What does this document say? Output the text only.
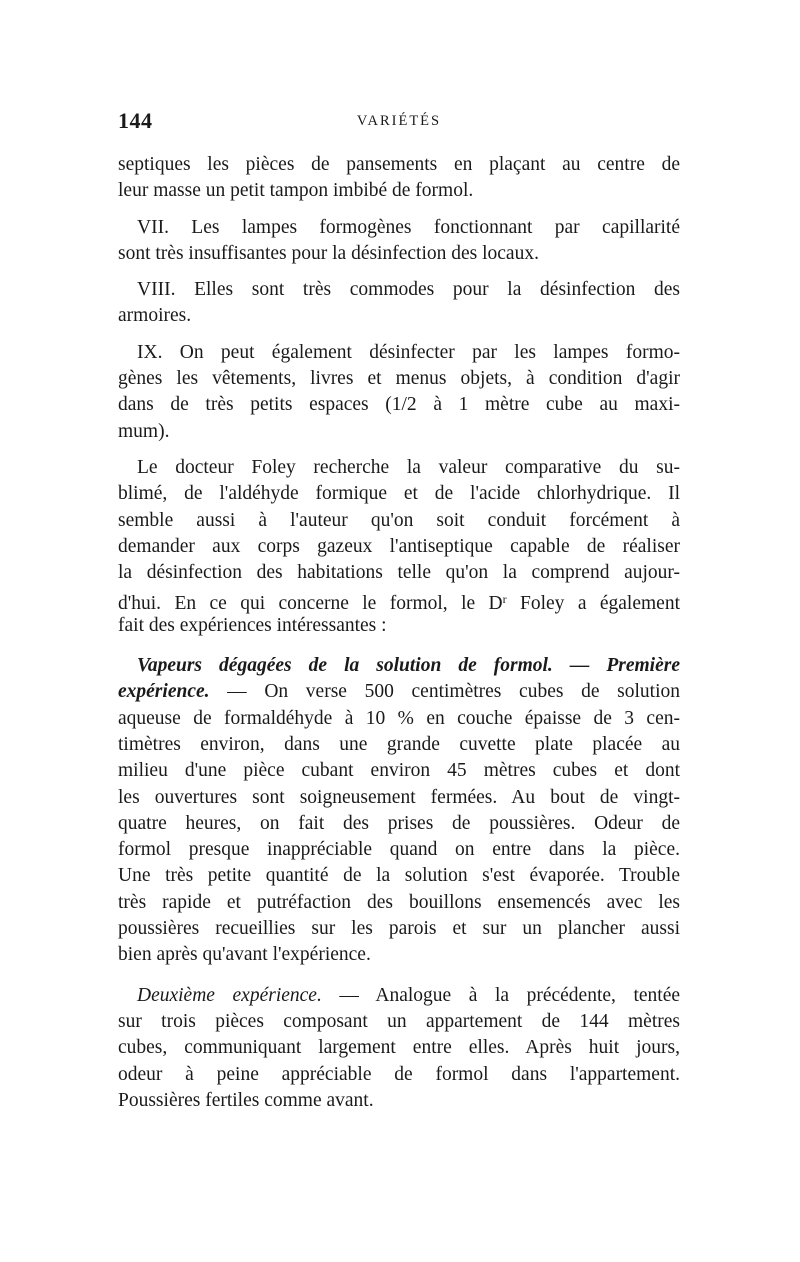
144	VARIÉTÉS
septiques les pièces de pansements en plaçant au centre de
leur masse un petit tampon imbibé de formol.
VII. Les lampes formogènes fonctionnant par capillarité
sont très insuffisantes pour la désinfection des locaux.
VIII. Elles sont très commodes pour la désinfection des
armoires.
IX. On peut également désinfecter par les lampes formo-
gènes les vêtements, livres et menus objets, à condition d'agir
dans de très petits espaces (1/2 à 1 mètre cube au maxi-
mum).
Le docteur Foley recherche la valeur comparative du su-
blimé, de l'aldéhyde formique et de l'acide chlorhydrique. Il
semble aussi à l'auteur qu'on soit conduit forcément à
demander aux corps gazeux l'antiseptique capable de réaliser
la désinfection des habitations telle qu'on la comprend aujour-
d'hui. En ce qui concerne le formol, le $D^r$ Foley a également
fait des expériences intéressantes :
Vapeurs dégagées de la solution de formol. — Première
expérience. — On verse 500 centimètres cubes de solution
aqueuse de formaldéhyde à 10 % en couche épaisse de 3 cen-
timètres environ, dans une grande cuvette plate placée au
milieu d'une pièce cubant environ 45 mètres cubes et dont
les ouvertures sont soigneusement fermées. Au bout de vingt-
quatre heures, on fait des prises de poussières. Odeur de
formol presque inappréciable quand on entre dans la pièce.
Une très petite quantité de la solution s'est évaporée. Trouble
très rapide et putréfaction des bouillons ensemencés avec les
poussières recueillies sur les parois et sur un plancher aussi
bien après qu'avant l'expérience.
Deuxième expérience. — Analogue à la précédente, tentée
sur trois pièces composant un appartement de 144 mètres
cubes, communiquant largement entre elles. Après huit jours,
odeur à peine appréciable de formol dans l'appartement.
Poussières fertiles comme avant.
